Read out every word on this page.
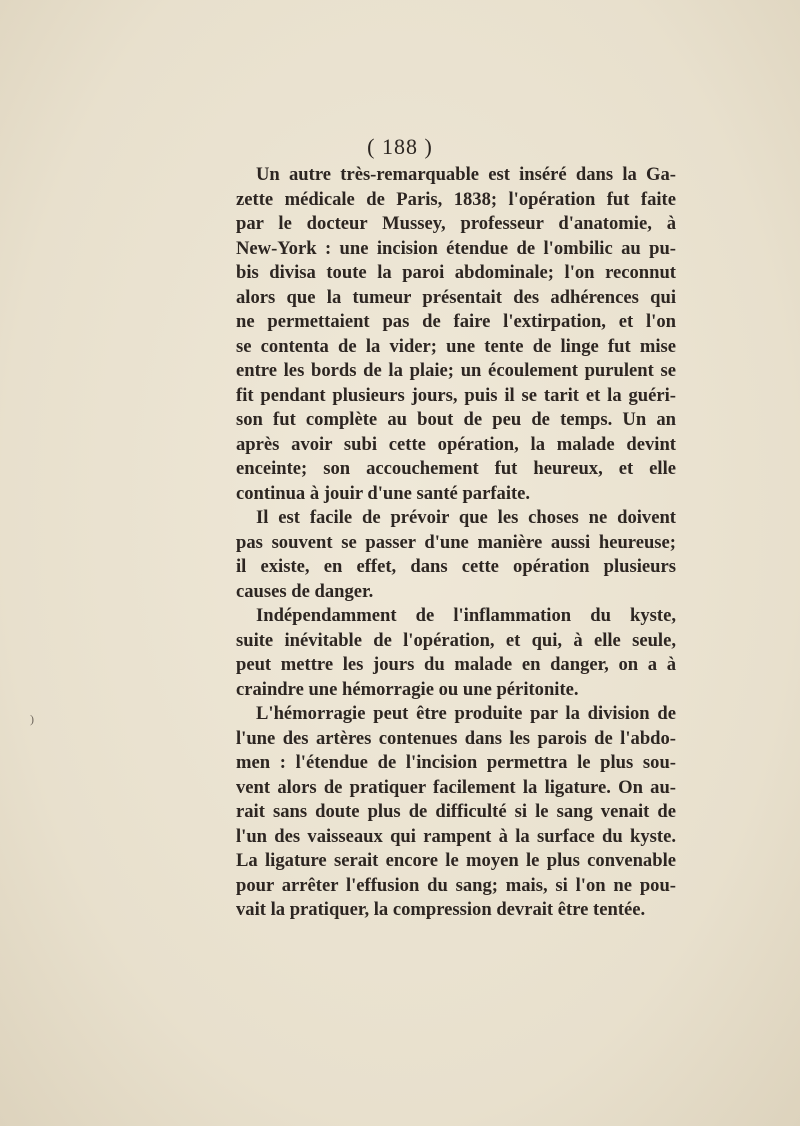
( 188 )
Un autre très-remarquable est inséré dans la Ga-
zette médicale de Paris, 1838; l'opération fut faite
par le docteur Mussey, professeur d'anatomie, à
New-York : une incision étendue de l'ombilic au pu-
bis divisa toute la paroi abdominale; l'on reconnut
alors que la tumeur présentait des adhérences qui
ne permettaient pas de faire l'extirpation, et l'on
se contenta de la vider; une tente de linge fut mise
entre les bords de la plaie; un écoulement purulent se
fit pendant plusieurs jours, puis il se tarit et la guéri-
son fut complète au bout de peu de temps. Un an
après avoir subi cette opération, la malade devint
enceinte; son accouchement fut heureux, et elle
continua à jouir d'une santé parfaite.
Il est facile de prévoir que les choses ne doivent
pas souvent se passer d'une manière aussi heureuse;
il existe, en effet, dans cette opération plusieurs
causes de danger.
Indépendamment de l'inflammation du kyste,
suite inévitable de l'opération, et qui, à elle seule,
peut mettre les jours du malade en danger, on a à
craindre une hémorragie ou une péritonite.
L'hémorragie peut être produite par la division de
l'une des artères contenues dans les parois de l'abdo-
men : l'étendue de l'incision permettra le plus sou-
vent alors de pratiquer facilement la ligature. On au-
rait sans doute plus de difficulté si le sang venait de
l'un des vaisseaux qui rampent à la surface du kyste.
La ligature serait encore le moyen le plus convenable
pour arrêter l'effusion du sang; mais, si l'on ne pou-
vait la pratiquer, la compression devrait être tentée.
)
